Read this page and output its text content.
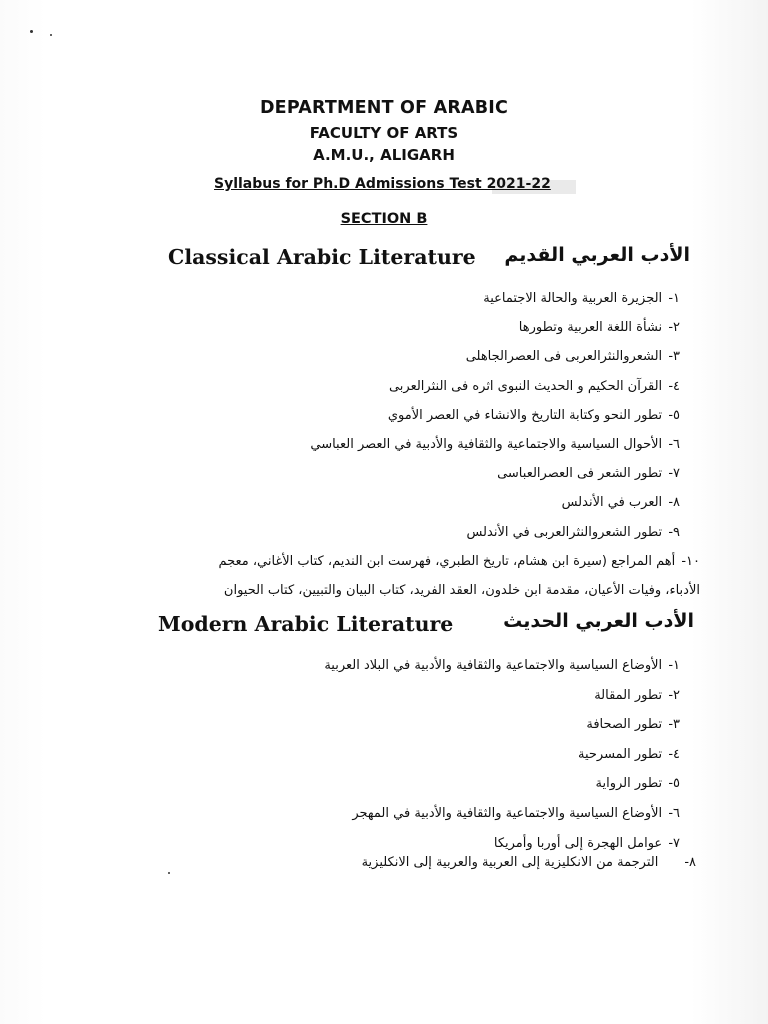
DEPARTMENT OF ARABIC
FACULTY OF ARTS
A.M.U., ALIGARH
Syllabus for Ph.D Admissions Test 2021-22
SECTION B
Classical Arabic Literature الأدب العربي القديم
١- الجزيرة العربية والحالة الاجتماعية
٢- نشأة اللغة العربية وتطورها
٣- الشعروالنثرالعربى فى العصرالجاهلى
٤- القرآن الحكيم و الحديث النبوى اثره فى النثرالعربى
٥- تطور النحو وكتابة التاريخ والانشاء في العصر الأموي
٦- الأحوال السياسية والاجتماعية والثقافية والأدبية في العصر العباسي
٧- تطور الشعر فى العصرالعباسى
٨- العرب في الأندلس
٩- تطور الشعروالنثرالعربى في الأندلس
١٠- أهم المراجع (سيرة ابن هشام، تاريخ الطبري، فهرست ابن النديم، كتاب الأغاني، معجم
الأدباء، وفيات الأعيان، مقدمة ابن خلدون، العقد الفريد، كتاب البيان والتبيين، كتاب الحيوان
Modern Arabic Literature	الأدب العربي الحديث
١- الأوضاع السياسية والاجتماعية والثقافية والأدبية في البلاد العربية
٢- تطور المقالة
٣- تطور الصحافة
٤- تطور المسرحية
٥- تطور الرواية
٦- الأوضاع السياسية والاجتماعية والثقافية والأدبية في المهجر
٧- عوامل الهجرة إلى أوربا وأمريكا
٨-الترجمة من الانكليزية إلى العربية والعربية إلى الانكليزية
